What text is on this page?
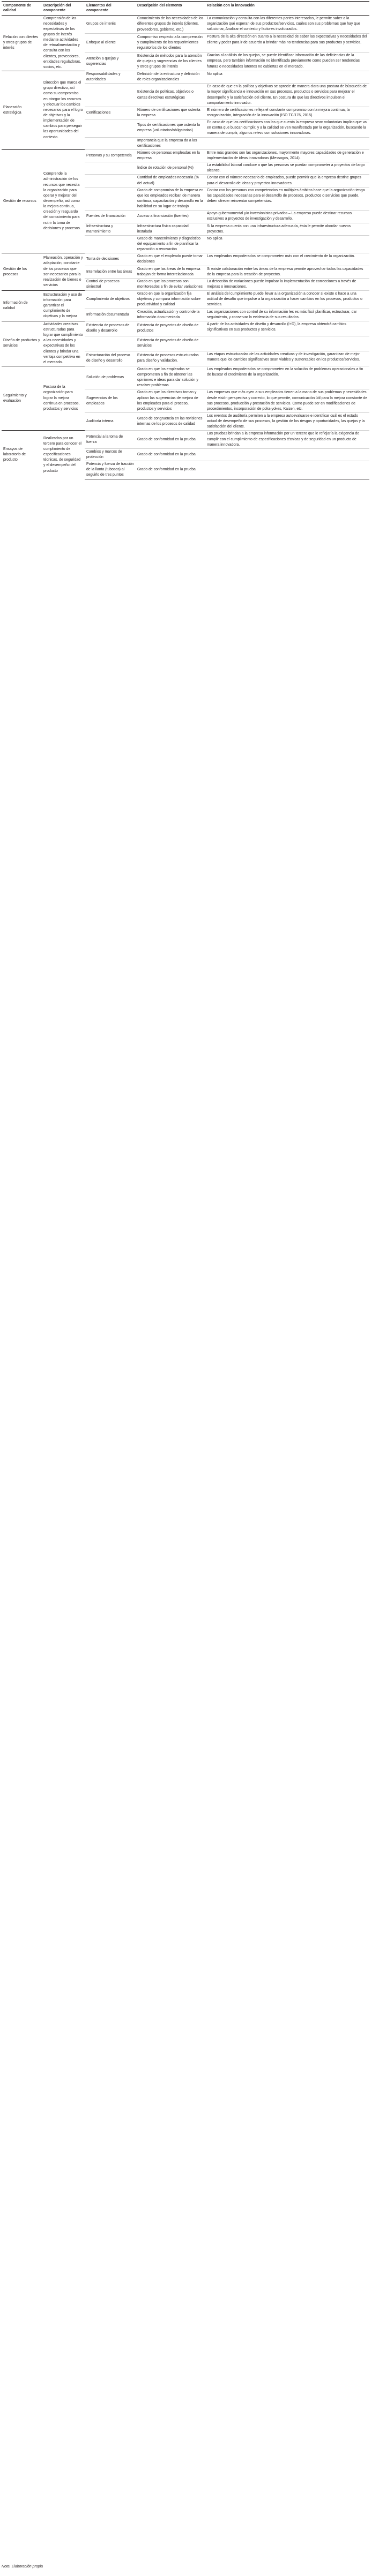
Componente de calidad	Descripción del componente	Elementos del componente	Descripción del elemento	Relación con la innovación
Relación con clientes y otros grupos de interés	Comprensión de las necesidades y expectativas de los grupos de interés mediante actividades de retroalimentación y consulta con los clientes, proveedores, entidades reguladoras, socios, etc.	Grupos de interés	Conocimiento de las necesidades de los diferentes grupos de interés (clientes, proveedores, gobierno, etc.)	La comunicación y consulta con las diferentes partes interesadas, le permite saber a la organización qué esperan de sus productos/servicios, cuáles son sus problemas que hay que solucionar, Analizar el contexto y factores involucrados.
		Enfoque al cliente	Compromiso respecto a la comprensión y cumplimiento de los requerimientos regulatorios de los clientes	Postura de la alta dirección en cuanto a la necesidad de saber las expectativas y necesidades del cliente y poder para ir de acuerdo a brindar más no tendencias para sus productos y servicios.
		Atención a quejas y sugerencias	Existencia de métodos para la atención de quejas y sugerencias de los clientes y otros grupos de interés	Gracias al análisis de las quejas, se puede identificar información de las deficiencias de la empresa, pero también información no identificada previamente como pueden ser tendencias futuras o necesidades latentes no cubiertas en el mercado.
Planeación estratégica	Dirección que marca el grupo directivo, así como su compromiso en otorgar los recursos y efectuar los cambios necesarios para el logro de objetivos y la implementación de cambios para perseguir las oportunidades del contexto.	Responsabilidades y autoridades	Definición de la estructura y definición de roles organizacionales	No aplica
			Existencia de políticas, objetivos o cartas directivas estratégicas	En caso de que en la política y objetivos se aprecie de manera clara una postura de búsqueda de la mayor significancia e innovación en sus procesos, productos o servicios para mejorar el desempeño y la satisfacción del cliente. En postura de que las directivos impulsen el comportamiento innovador.
		Certificaciones	Número de certificaciones que ostenta la empresa	El número de certificaciones refleja el constante compromiso con la mejora continua, la reorganización, integración de la innovación (ISO TC/176, 2015).
			Tipos de certificaciones que ostenta la empresa (voluntarias/obligatorias)	En caso de que las certificaciones con las que cuenta la empresa sean voluntarias implica que va en contra que buscan cumplir, y a la calidad se ven manifestada por la organización, buscando la manera de cumplir, algunos relevo con soluciones innovadoras.
			Importancia que la empresa da a las certificaciones	
Gestión de recursos	Comprende la administración de los recursos que necesita la organización para operar y mejorar del desempeño, así como la mejora continua, creación y resguardo del conocimiento para nutrir la toma de decisiones y procesos.	Personas y su competencia	Número de personas empleadas en la empresa	Entre más grandes son las organizaciones, mayormente mayores capacidades de generación e implementación de ideas innovadoras (Messogos, 2014).
			Índice de rotación de personal (%)	La estabilidad laboral conduce a que las personas se puedan comprometer a proyectos de largo alcance.
			Cantidad de empleados necesaria (% del actual)	Contar con el número necesario de empleados, puede permitir que la empresa destine grupos para el desarrollo de ideas y proyectos innovadores.
			Grado de compromiso de la empresa en que los empleados reciban de manera continua, capacitación y desarrollo en la habilidad en su lugar de trabajo	Contar con las personas con competencias en múltiples ámbitos hace que la organización tenga las capacidades necesarias para el desarrollo de procesos, productos o servicios que puede, deben ofrecer reinventar competencias.
		Fuentes de financiación	Acceso a financiación (fuentes)	Apoyo gubernamental y/o inversionistas privados – La empresa puede destinar recursos exclusivos a proyectos de investigación y desarrollo.
		Infraestructura y mantenimiento	Infraestructura física capacidad instalada	Si la empresa cuenta con una infraestructura adecuada, ésta le permite abordar nuevos proyectos.
			Grado de mantenimiento y diagnóstico del equipamiento a fin de planificar la reparación o renovación	No aplica
Gestión de los procesos	Planeación, operación y adaptación, constante de los procesos que son necesarios para la realización de bienes o servicios	Toma de decisiones	Grado en que el empleado puede tomar decisiones	Los empleados empoderados se comprometen más con el crecimiento de la organización.
		Interrelación entre las áreas	Grado en que las áreas de la empresa trabajan de forma interrelacionada	Si existe colaboración entre las áreas de la empresa permite aprovechar todas las capacidades de la empresa para la creación de proyectos.
		Control de procesos siniestral	Grado en que los procesos son monitoreados a fin de evitar variaciones	La detección de variaciones puede impulsar la implementación de correcciones a través de mejoras o innovaciones.
Información de calidad	Estructuración y uso de información para garantizar el cumplimiento de objetivos y la mejora	Cumplimiento de objetivos	Grado en que la organización fija objetivos y compara información sobre productividad y calidad	El análisis del cumplimiento puede llevar a la organización a conocer si existe o hace a una actitud de desafío que impulse a la organización a hacer cambios en los procesos, productos o servicios.
		Información documentada	Creación, actualización y control de la información documentada	Las organizaciones con control de su información les es más fácil planificar, estructurar, dar seguimiento, y conservar la evidencia de sus resultados.
Diseño de productos y servicios	Actividades creativas estructuradas para lograr que cumplimiento a las necesidades y expectativas de los clientes y brindar una ventaja competitiva en el mercado.	Existencia de procesos de diseño y desarrollo	Existencia de proyectos de diseño de productos	A partir de las actividades de diseño y desarrollo (I+D), la empresa obtendrá cambios significativos en sus productos y servicios.
			Existencia de proyectos de diseño de servicios	
		Estructuración del proceso de diseño y desarrollo	Existencia de procesos estructurados para diseño y validación.	Las etapas estructuradas de las actividades creativas y de investigación, garantizan de mejor manera que los cambios significativos sean viables y sustentables en los productos/servicios.
Seguimiento y evaluación	Postura de la organización para lograr la mejora continua en procesos, productos y servicios	Solución de problemas	Grado en que los empleados se comprometen a fin de obtener las opiniones e ideas para dar solución y resolver problemas	Los empleados empoderados se comprometen en la solución de problemas operacionales a fin de buscar el crecimiento de la organización.
		Sugerencias de los empleados	Grado en que los directivos toman y aplican las sugerencias de mejora de los empleados para el proceso, productos y servicios	Las empresas que más oyen a sus empleados tienen a la mano de sus problemas y necesidades desde visión perspectiva y correcto, lo que permite, comunicación útil para la mejora constante de sus procesos, producción y prestación de servicios. Como puede ser en modificaciones de procedimientos, incorporación de poka-yokes, Kaizen, etc.
		Auditoría interna	Grado de congruencia en las revisiones internas de los procesos de calidad	Los eventos de auditoría permiten a la empresa autoevaluarse e identificar cuál es el estado actual de desempeño de sus procesos, la gestión de los riesgos y oportunidades, las quejas y la satisfacción del cliente.
Ensayos de laboratorio de producto	Realizadas por un tercero para conocer el cumplimiento de especificaciones técnicas, de seguridad y el desempeño del producto	Potencial a la toma de fuerza	Grado de conformidad en la prueba	Las pruebas brindan a la empresa información por un tercero que le reflejaría la exigencia de cumplir con el cumplimiento de especificaciones técnicas y de seguridad en un producto de manera innovadora.
		Cambios y marcos de protección	Grado de conformidad en la prueba	
		Potencia y fuerza de tracción de la llanta (tubosos) al seguirlo de tres puntos	Grado de conformidad en la prueba	
Nota. Elaboración propia
